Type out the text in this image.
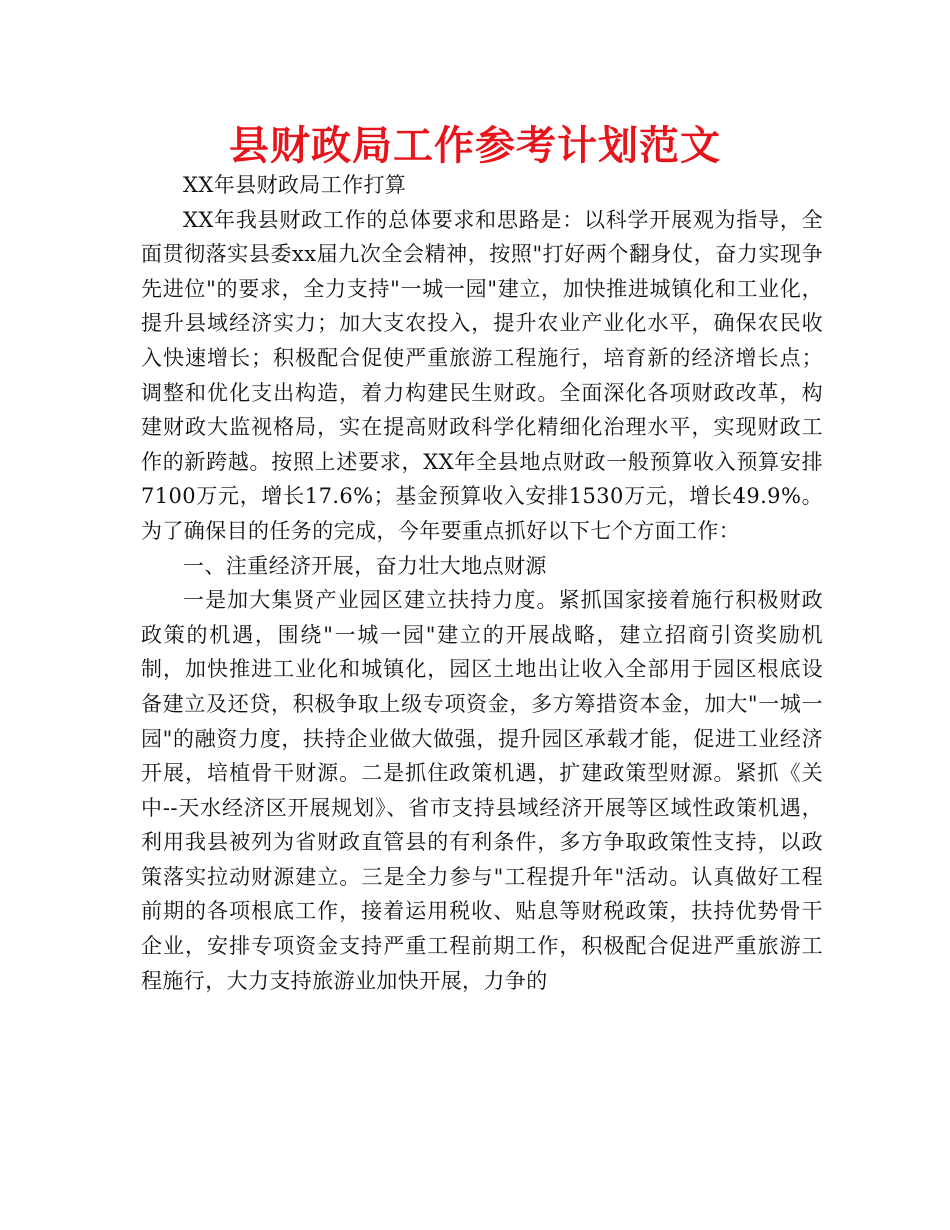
县财政局工作参考计划范文

XX年县财政局工作打算

XX年我县财政工作的总体要求和思路是：以科学开展观为指导，全面贯彻落实县委xx届九次全会精神，按照"打好两个翻身仗，奋力实现争先进位"的要求，全力支持"一城一园"建立，加快推进城镇化和工业化，提升县域经济实力；加大支农投入，提升农业产业化水平，确保农民收入快速增长；积极配合促使严重旅游工程施行，培育新的经济增长点；调整和优化支出构造，着力构建民生财政。全面深化各项财政改革，构建财政大监视格局，实在提高财政科学化精细化治理水平，实现财政工作的新跨越。按照上述要求，XX年全县地点财政一般预算收入预算安排7100万元，增长17.6%；基金预算收入安排1530万元，增长49.9%。为了确保目的任务的完成，今年要重点抓好以下七个方面工作：

一、注重经济开展，奋力壮大地点财源

一是加大集贤产业园区建立扶持力度。紧抓国家接着施行积极财政政策的机遇，围绕"一城一园"建立的开展战略，建立招商引资奖励机制，加快推进工业化和城镇化，园区土地出让收入全部用于园区根底设备建立及还贷，积极争取上级专项资金，多方筹措资本金，加大"一城一园"的融资力度，扶持企业做大做强，提升园区承载才能，促进工业经济开展，培植骨干财源。二是抓住政策机遇，扩建政策型财源。紧抓《关中--天水经济区开展规划》、省市支持县域经济开展等区域性政策机遇，利用我县被列为省财政直管县的有利条件，多方争取政策性支持，以政策落实拉动财源建立。三是全力参与"工程提升年"活动。认真做好工程前期的各项根底工作，接着运用税收、贴息等财税政策，扶持优势骨干企业，安排专项资金支持严重工程前期工作，积极配合促进严重旅游工程施行，大力支持旅游业加快开展，力争的
